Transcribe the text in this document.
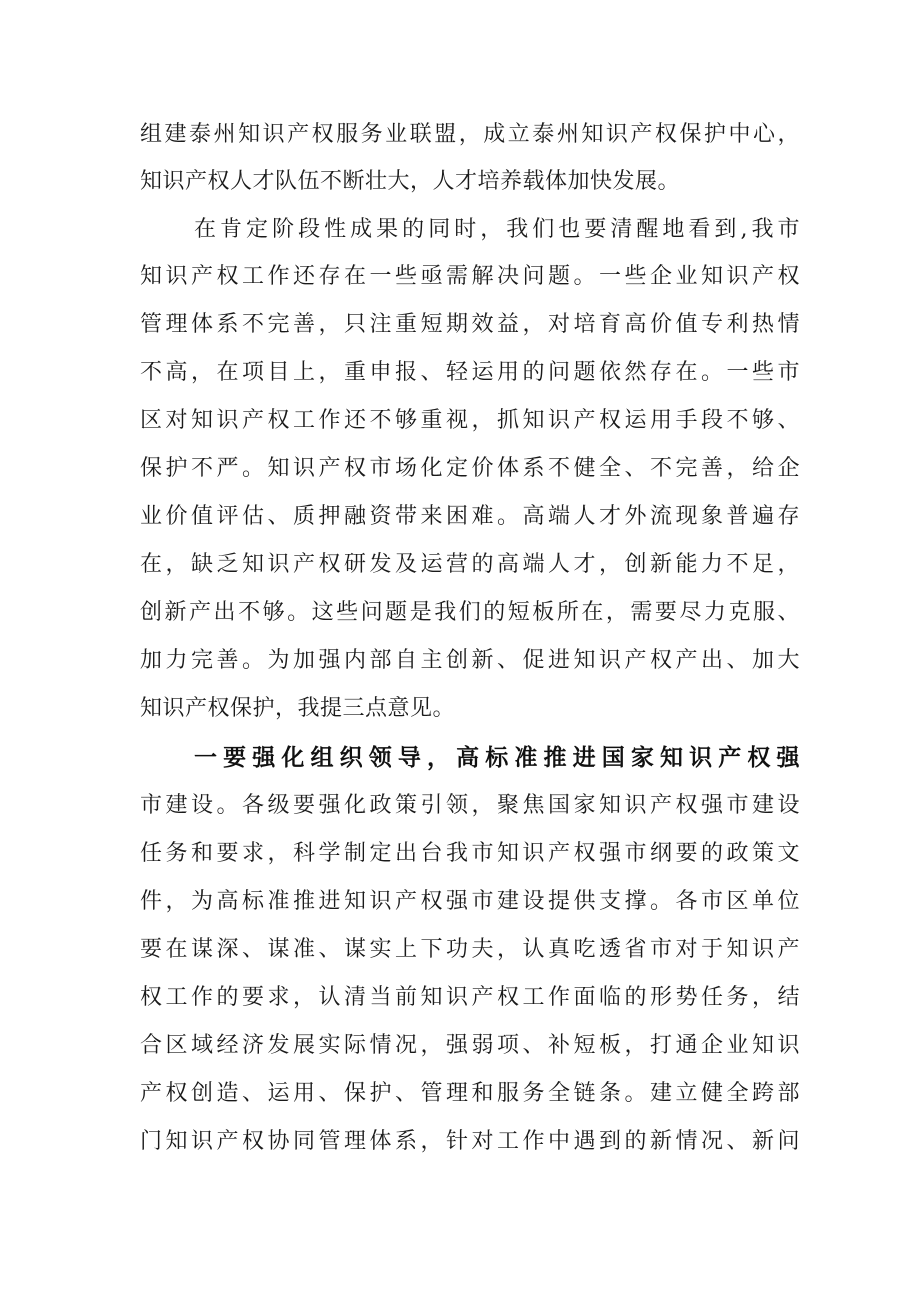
组建泰州知识产权服务业联盟，成立泰州知识产权保护中心，
知识产权人才队伍不断壮大，人才培养载体加快发展。
在肯定阶段性成果的同时，我们也要清醒地看到,我市
知识产权工作还存在一些亟需解决问题。一些企业知识产权
管理体系不完善，只注重短期效益，对培育高价值专利热情
不高，在项目上，重申报、轻运用的问题依然存在。一些市
区对知识产权工作还不够重视，抓知识产权运用手段不够、
保护不严。知识产权市场化定价体系不健全、不完善，给企
业价值评估、质押融资带来困难。高端人才外流现象普遍存
在，缺乏知识产权研发及运营的高端人才，创新能力不足，
创新产出不够。这些问题是我们的短板所在，需要尽力克服、
加力完善。为加强内部自主创新、促进知识产权产出、加大
知识产权保护，我提三点意见。
一要强化组织领导，高标准推进国家知识产权强
市建设。各级要强化政策引领，聚焦国家知识产权强市建设
任务和要求，科学制定出台我市知识产权强市纲要的政策文
件，为高标准推进知识产权强市建设提供支撑。各市区单位
要在谋深、谋准、谋实上下功夫，认真吃透省市对于知识产
权工作的要求，认清当前知识产权工作面临的形势任务，结
合区域经济发展实际情况，强弱项、补短板，打通企业知识
产权创造、运用、保护、管理和服务全链条。建立健全跨部
门知识产权协同管理体系，针对工作中遇到的新情况、新问
